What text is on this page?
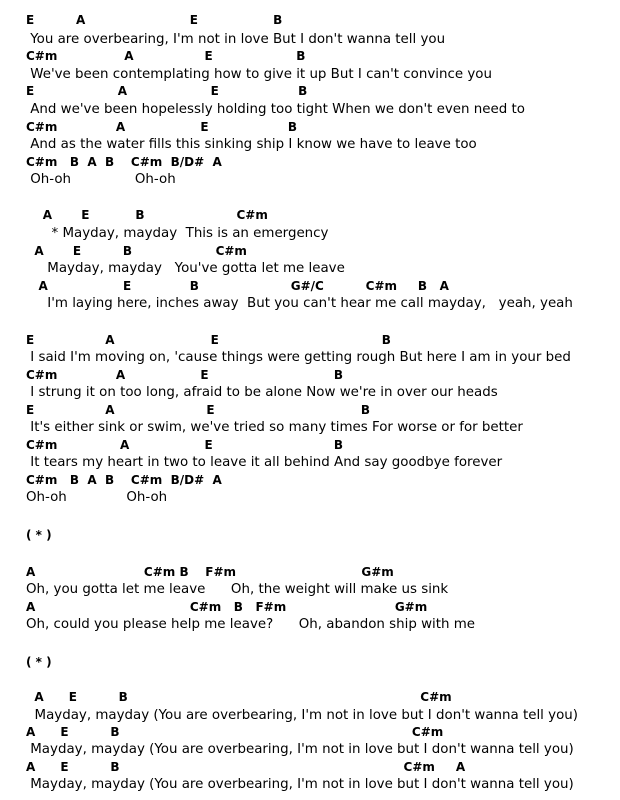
E          A                         E                  B
You are overbearing, I'm not in love But I don't wanna tell you
C#m                A                 E                    B
We've been contemplating how to give it up But I can't convince you
E                    A                    E                   B
And we've been hopelessly holding too tight When we don't even need to
C#m              A                  E                   B
And as the water fills this sinking ship I know we have to leave too
C#m   B  A  B    C#m  B/D#  A
Oh-oh               Oh-oh
A       E           B                      C#m
* Mayday, mayday  This is an emergency
A       E          B                    C#m
Mayday, mayday   You've gotta let me leave
A                  E              B                      G#/C          C#m     B   A
I'm laying here, inches away  But you can't hear me call mayday,   yeah, yeah
E                 A                       E                                       B
I said I'm moving on, 'cause things were getting rough But here I am in your bed
C#m              A                  E                              B
I strung it on too long, afraid to be alone Now we're in over our heads
E                 A                      E                                   B
It's either sink or swim, we've tried so many times For worse or for better
C#m               A                  E                             B
It tears my heart in two to leave it all behind And say goodbye forever
C#m   B  A  B    C#m  B/D#  A
Oh-oh              Oh-oh
( * )
A                          C#m B    F#m                              G#m
Oh, you gotta let me leave      Oh, the weight will make us sink
A                                     C#m   B   F#m                          G#m
Oh, could you please help me leave?      Oh, abandon ship with me
( * )
A      E          B                                                                      C#m
Mayday, mayday (You are overbearing, I'm not in love but I don't wanna tell you)
A      E          B                                                                      C#m
Mayday, mayday (You are overbearing, I'm not in love but I don't wanna tell you)
A      E          B                                                                    C#m     A
Mayday, mayday (You are overbearing, I'm not in love but I don't wanna tell you)
